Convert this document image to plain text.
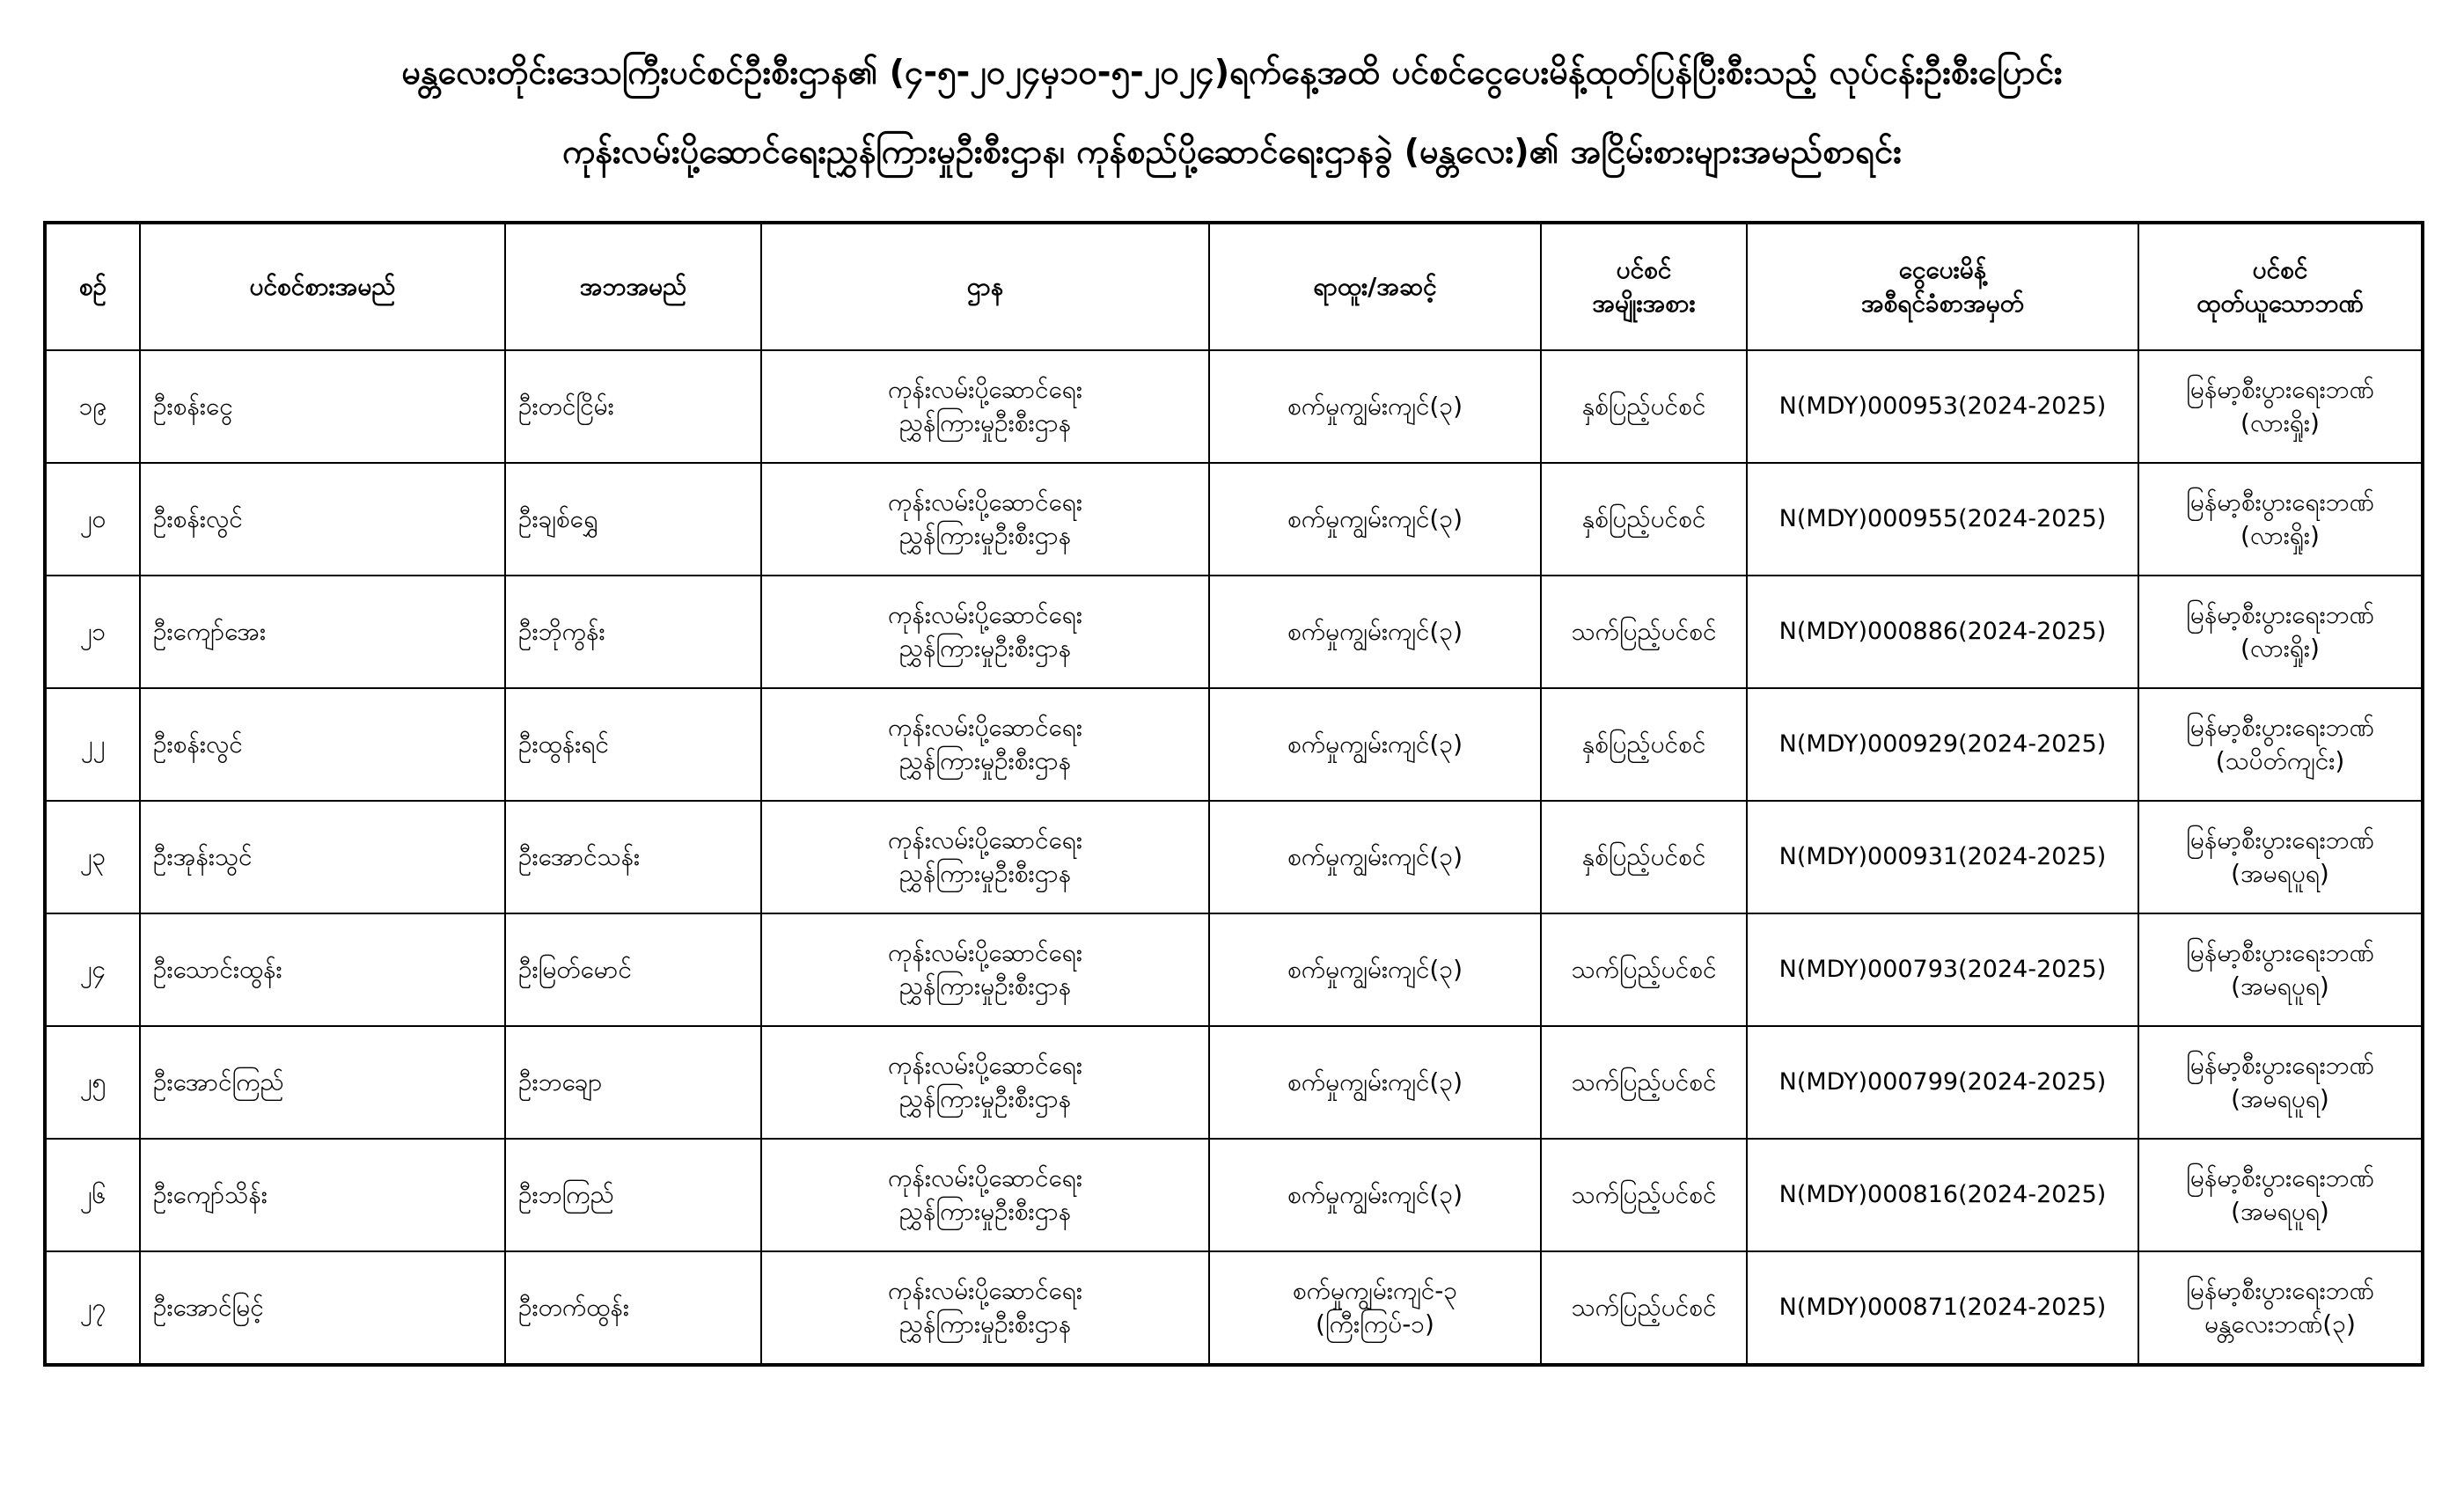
မန္တလေးတိုင်းဒေသကြီးပင်စင်ဦးစီးဌာန၏ (၄-၅-၂၀၂၄မှ၁၀-၅-၂၀၂၄)ရက်နေ့အထိ ပင်စင်ငွေပေးမိန့်ထုတ်ပြန်ပြီးစီးသည့် လုပ်ငန်းဦးစီးပြောင်း
ကုန်းလမ်းပို့ဆောင်ရေးညွှန်ကြားမှုဦးစီးဌာန၊ ကုန်စည်ပို့ဆောင်ရေးဌာနခွဲ (မန္တလေး)၏ အငြိမ်းစားများအမည်စာရင်း
စဉ်	ပင်စင်စားအမည်	အဘအမည်	ဌာန	ရာထူး/အဆင့်	ပင်စင်
အမျိုးအစား	ငွေပေးမိန့်
အစီရင်ခံစာအမှတ်	ပင်စင်
ထုတ်ယူသောဘဏ်

၁၉	ဦးစန်းငွေ	ဦးတင်ငြိမ်း	ကုန်းလမ်းပို့ဆောင်ရေး
ညွှန်ကြားမှုဦးစီးဌာန	စက်မှုကျွမ်းကျင်(၃)	နှစ်ပြည့်ပင်စင်	N(MDY)000953(2024-2025)	မြန်မာ့စီးပွားရေးဘဏ်
(လားရှိုး)

၂၀	ဦးစန်းလွင်	ဦးချစ်ရွှေ	ကုန်းလမ်းပို့ဆောင်ရေး
ညွှန်ကြားမှုဦးစီးဌာန	စက်မှုကျွမ်းကျင်(၃)	နှစ်ပြည့်ပင်စင်	N(MDY)000955(2024-2025)	မြန်မာ့စီးပွားရေးဘဏ်
(လားရှိုး)

၂၁	ဦးကျော်အေး	ဦးဘိုကွန်း	ကုန်းလမ်းပို့ဆောင်ရေး
ညွှန်ကြားမှုဦးစီးဌာန	စက်မှုကျွမ်းကျင်(၃)	သက်ပြည့်ပင်စင်	N(MDY)000886(2024-2025)	မြန်မာ့စီးပွားရေးဘဏ်
(လားရှိုး)

၂၂	ဦးစန်းလွင်	ဦးထွန်းရင်	ကုန်းလမ်းပို့ဆောင်ရေး
ညွှန်ကြားမှုဦးစီးဌာန	စက်မှုကျွမ်းကျင်(၃)	နှစ်ပြည့်ပင်စင်	N(MDY)000929(2024-2025)	မြန်မာ့စီးပွားရေးဘဏ်
(သပိတ်ကျင်း)

၂၃	ဦးအုန်းသွင်	ဦးအောင်သန်း	ကုန်းလမ်းပို့ဆောင်ရေး
ညွှန်ကြားမှုဦးစီးဌာန	စက်မှုကျွမ်းကျင်(၃)	နှစ်ပြည့်ပင်စင်	N(MDY)000931(2024-2025)	မြန်မာ့စီးပွားရေးဘဏ်
(အမရပူရ)

၂၄	ဦးသောင်းထွန်း	ဦးမြတ်မောင်	ကုန်းလမ်းပို့ဆောင်ရေး
ညွှန်ကြားမှုဦးစီးဌာန	စက်မှုကျွမ်းကျင်(၃)	သက်ပြည့်ပင်စင်	N(MDY)000793(2024-2025)	မြန်မာ့စီးပွားရေးဘဏ်
(အမရပူရ)

၂၅	ဦးအောင်ကြည်	ဦးဘချော	ကုန်းလမ်းပို့ဆောင်ရေး
ညွှန်ကြားမှုဦးစီးဌာန	စက်မှုကျွမ်းကျင်(၃)	သက်ပြည့်ပင်စင်	N(MDY)000799(2024-2025)	မြန်မာ့စီးပွားရေးဘဏ်
(အမရပူရ)

၂၆	ဦးကျော်သိန်း	ဦးဘကြည်	ကုန်းလမ်းပို့ဆောင်ရေး
ညွှန်ကြားမှုဦးစီးဌာန	စက်မှုကျွမ်းကျင်(၃)	သက်ပြည့်ပင်စင်	N(MDY)000816(2024-2025)	မြန်မာ့စီးပွားရေးဘဏ်
(အမရပူရ)

၂၇	ဦးအောင်မြင့်	ဦးတက်ထွန်း	ကုန်းလမ်းပို့ဆောင်ရေး
ညွှန်ကြားမှုဦးစီးဌာန	စက်မှုကျွမ်းကျင်-၃
(ကြီးကြပ်-၁)	သက်ပြည့်ပင်စင်	N(MDY)000871(2024-2025)	မြန်မာ့စီးပွားရေးဘဏ်
မန္တလေးဘဏ်(၃)
